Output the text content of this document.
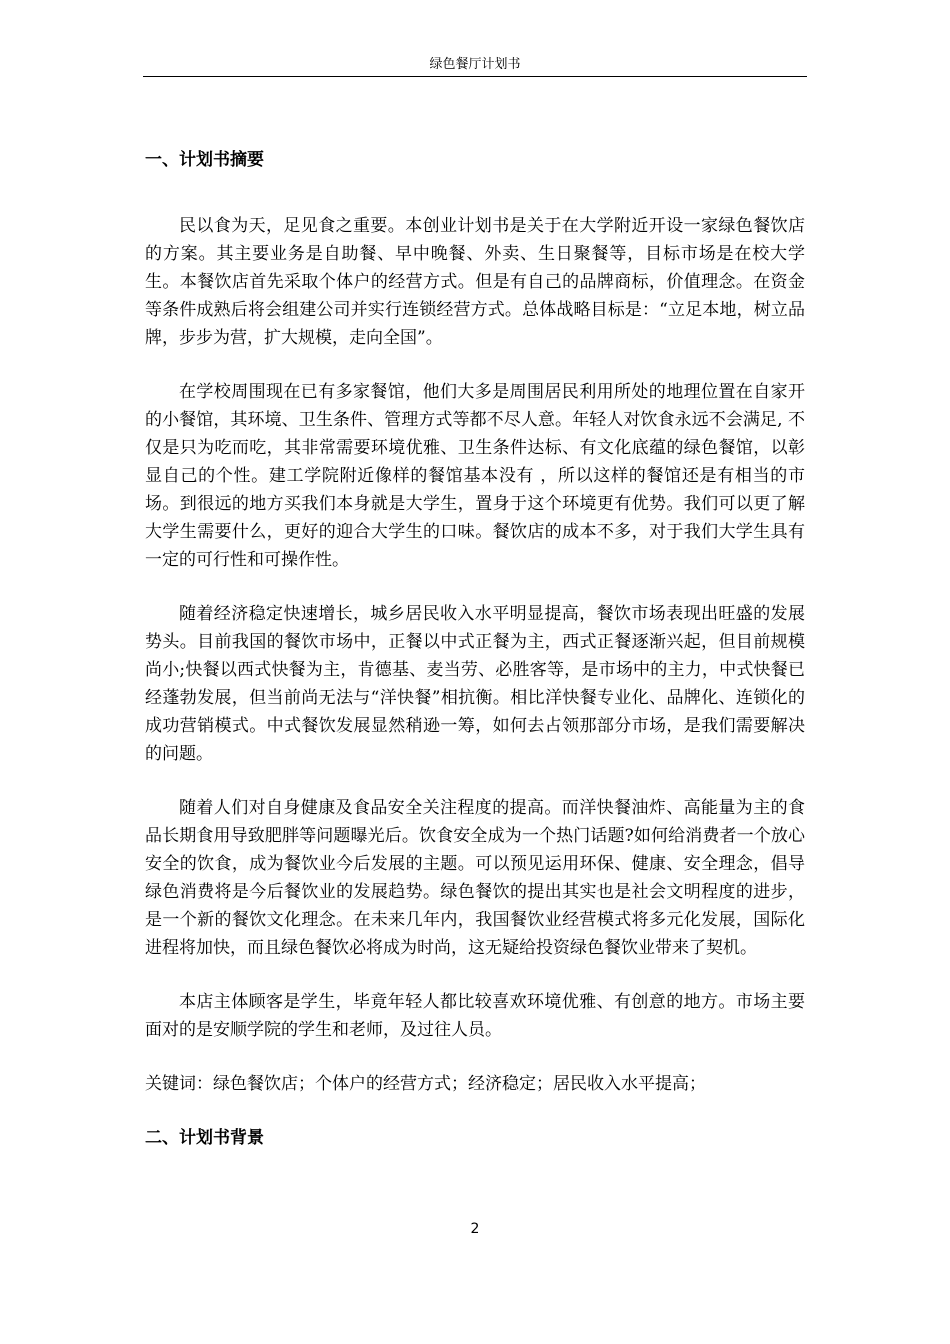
绿色餐厅计划书
一、计划书摘要

民以食为天，足见食之重要。本创业计划书是关于在大学附近开设一家绿色餐饮店的方案。其主要业务是自助餐、早中晚餐、外卖、生日聚餐等，目标市场是在校大学生。本餐饮店首先采取个体户的经营方式。但是有自己的品牌商标，价值理念。在资金等条件成熟后将会组建公司并实行连锁经营方式。总体战略目标是：“立足本地，树立品牌，步步为营，扩大规模，走向全国”。

在学校周围现在已有多家餐馆，他们大多是周围居民利用所处的地理位置在自家开的小餐馆，其环境、卫生条件、管理方式等都不尽人意。年轻人对饮食永远不会满足, 不仅是只为吃而吃，其非常需要环境优雅、卫生条件达标、有文化底蕴的绿色餐馆，以彰显自己的个性。建工学院附近像样的餐馆基本没有 ，所以这样的餐馆还是有相当的市场。到很远的地方买我们本身就是大学生，置身于这个环境更有优势。我们可以更了解大学生需要什么，更好的迎合大学生的口味。餐饮店的成本不多，对于我们大学生具有一定的可行性和可操作性。

随着经济稳定快速增长，城乡居民收入水平明显提高，餐饮市场表现出旺盛的发展势头。目前我国的餐饮市场中，正餐以中式正餐为主，西式正餐逐渐兴起，但目前规模尚小;快餐以西式快餐为主，肯德基、麦当劳、必胜客等，是市场中的主力，中式快餐已经蓬勃发展，但当前尚无法与“洋快餐”相抗衡。相比洋快餐专业化、品牌化、连锁化的成功营销模式。中式餐饮发展显然稍逊一筹，如何去占领那部分市场，是我们需要解决的问题。

随着人们对自身健康及食品安全关注程度的提高。而洋快餐油炸、高能量为主的食品长期食用导致肥胖等问题曝光后。饮食安全成为一个热门话题?如何给消费者一个放心安全的饮食，成为餐饮业今后发展的主题。可以预见运用环保、健康、安全理念，倡导绿色消费将是今后餐饮业的发展趋势。绿色餐饮的提出其实也是社会文明程度的进步，是一个新的餐饮文化理念。在未来几年内，我国餐饮业经营模式将多元化发展，国际化进程将加快，而且绿色餐饮必将成为时尚，这无疑给投资绿色餐饮业带来了契机。

本店主体顾客是学生，毕竟年轻人都比较喜欢环境优雅、有创意的地方。市场主要面对的是安顺学院的学生和老师，及过往人员。

关键词：绿色餐饮店；个体户的经营方式；经济稳定；居民收入水平提高；

二、计划书背景
2
